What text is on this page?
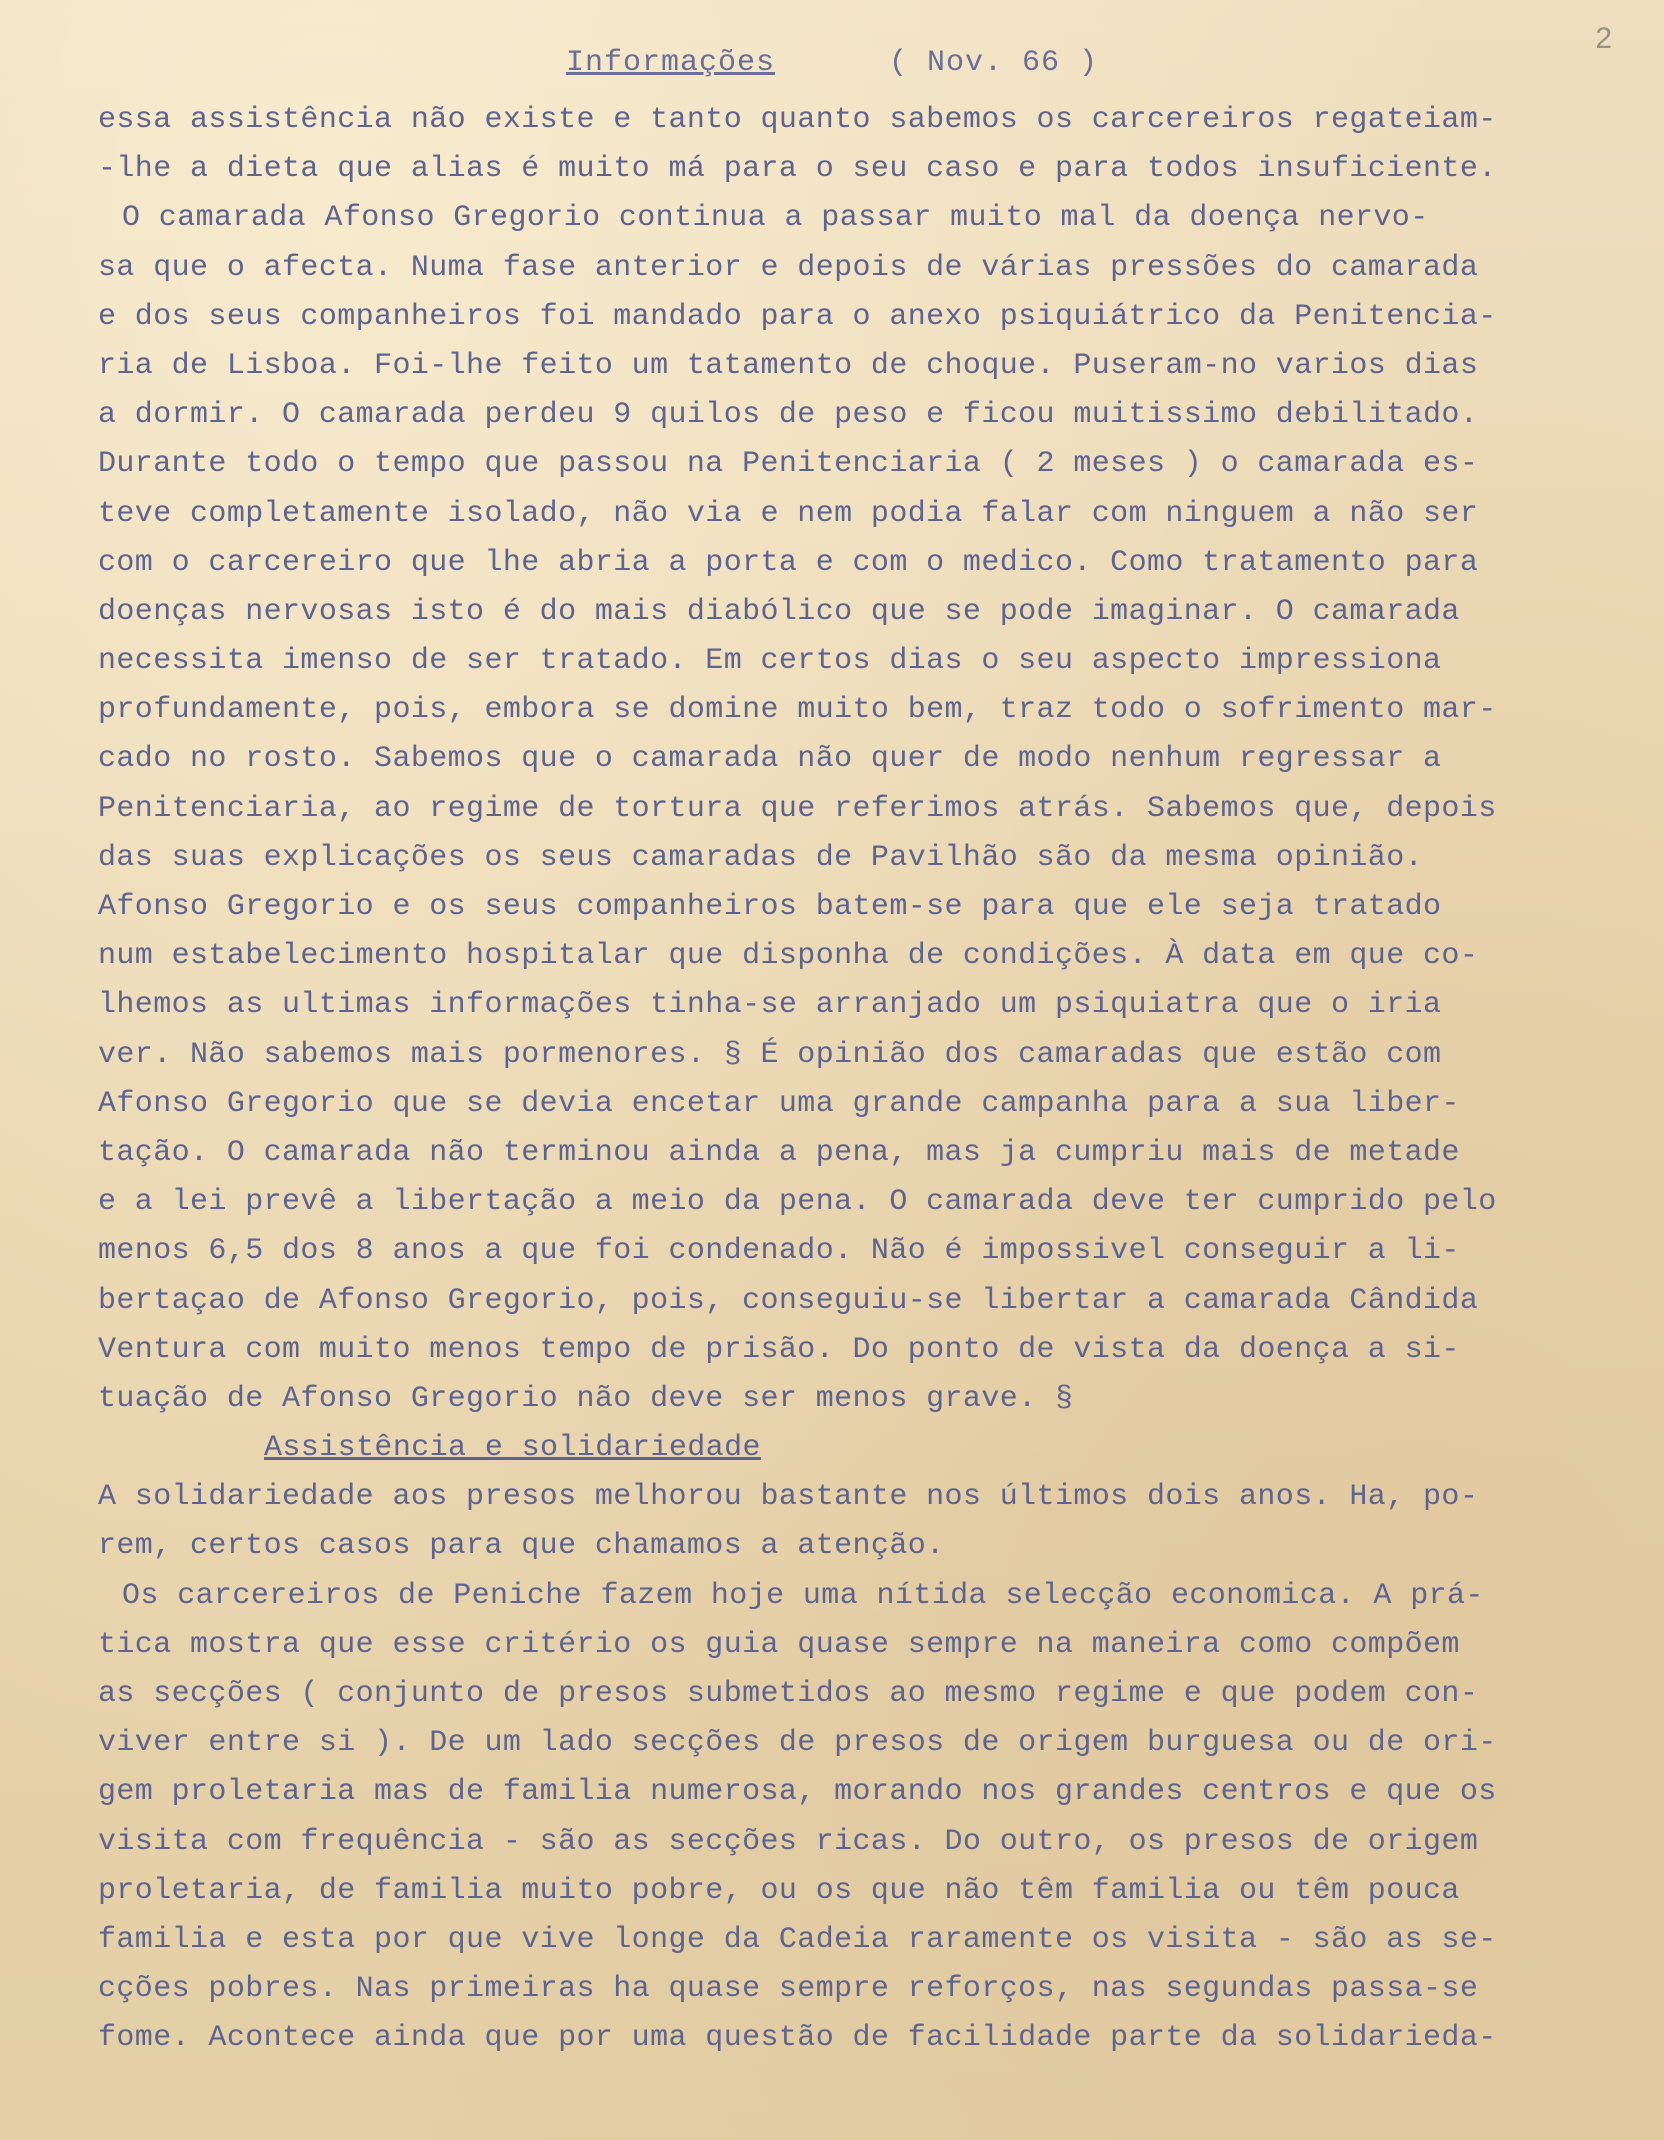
2
Informações	( Nov. 66 )
essa assistência não existe e tanto quanto sabemos os carcereiros regateiam-
-lhe a dieta que alias é muito má para o seu caso e para todos insuficiente.
O camarada Afonso Gregorio continua a passar muito mal da doença nervo-
sa que o afecta. Numa fase anterior e depois de várias pressões do camarada
e dos seus companheiros foi mandado para o anexo psiquiátrico da Penitencia-
ria de Lisboa. Foi-lhe feito um tatamento de choque. Puseram-no varios dias
a dormir. O camarada perdeu 9 quilos de peso e ficou muitissimo debilitado.
Durante todo o tempo que passou na Penitenciaria ( 2 meses ) o camarada es-
teve completamente isolado, não via e nem podia falar com ninguem a não ser
com o carcereiro que lhe abria a porta e com o medico. Como tratamento para
doenças nervosas isto é do mais diabólico que se pode imaginar. O camarada
necessita imenso de ser tratado. Em certos dias o seu aspecto impressiona
profundamente, pois, embora se domine muito bem, traz todo o sofrimento mar-
cado no rosto. Sabemos que o camarada não quer de modo nenhum regressar a
Penitenciaria, ao regime de tortura que referimos atrás. Sabemos que, depois
das suas explicações os seus camaradas de Pavilhão são da mesma opinião.
Afonso Gregorio e os seus companheiros batem-se para que ele seja tratado
num estabelecimento hospitalar que disponha de condições. À data em que co-
lhemos as ultimas informações tinha-se arranjado um psiquiatra que o iria
ver. Não sabemos mais pormenores. § É opinião dos camaradas que estão com
Afonso Gregorio que se devia encetar uma grande campanha para a sua liber-
tação. O camarada não terminou ainda a pena, mas ja cumpriu mais de metade
e a lei prevê a libertação a meio da pena. O camarada deve ter cumprido pelo
menos 6,5 dos 8 anos a que foi condenado. Não é impossivel conseguir a li-
bertaçao de Afonso Gregorio, pois, conseguiu-se libertar a camarada Cândida
Ventura com muito menos tempo de prisão. Do ponto de vista da doença a si-
tuação de Afonso Gregorio não deve ser menos grave. §
Assistência e solidariedade
A solidariedade aos presos melhorou bastante nos últimos dois anos. Ha, po-
rem, certos casos para que chamamos a atenção.
Os carcereiros de Peniche fazem hoje uma nítida selecção economica. A prá-
tica mostra que esse critério os guia quase sempre na maneira como compõem
as secções ( conjunto de presos submetidos ao mesmo regime e que podem con-
viver entre si ). De um lado secções de presos de origem burguesa ou de ori-
gem proletaria mas de familia numerosa, morando nos grandes centros e que os
visita com frequência - são as secções ricas. Do outro, os presos de origem
proletaria, de familia muito pobre, ou os que não têm familia ou têm pouca
familia e esta por que vive longe da Cadeia raramente os visita - são as se-
cções pobres. Nas primeiras ha quase sempre reforços, nas segundas passa-se
fome. Acontece ainda que por uma questão de facilidade parte da solidarieda-
